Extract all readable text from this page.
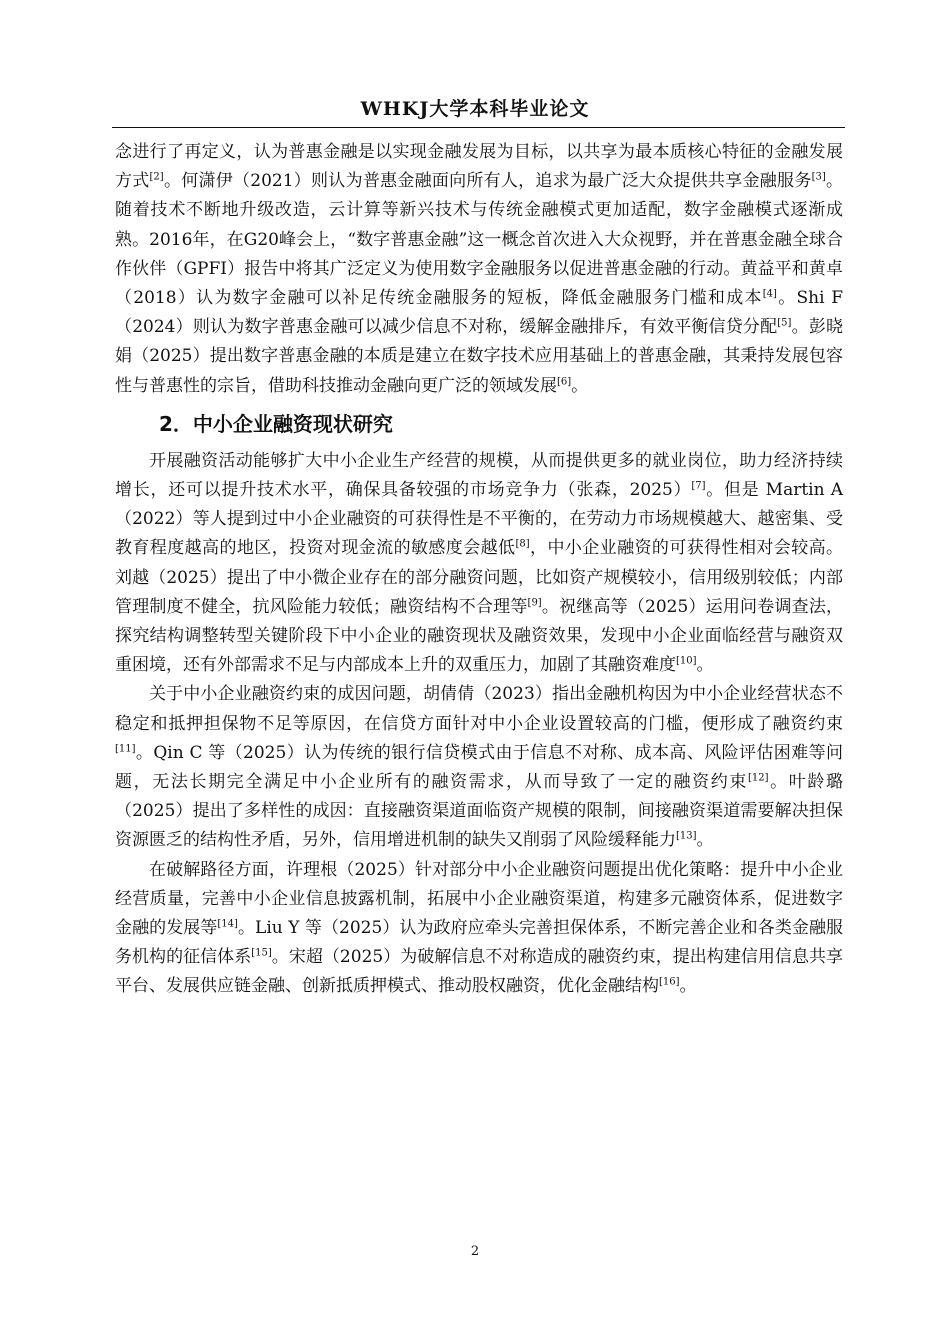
WHKJ大学本科毕业论文

念进行了再定义，认为普惠金融是以实现金融发展为目标，以共享为最本质核心特征的金融发展方式[2]。何潇伊（2021）则认为普惠金融面向所有人，追求为最广泛大众提供共享金融服务[3]。随着技术不断地升级改造，云计算等新兴技术与传统金融模式更加适配，数字金融模式逐渐成熟。2016年，在G20峰会上，“数字普惠金融”这一概念首次进入大众视野，并在普惠金融全球合作伙伴（GPFI）报告中将其广泛定义为使用数字金融服务以促进普惠金融的行动。黄益平和黄卓（2018）认为数字金融可以补足传统金融服务的短板，降低金融服务门槛和成本[4]。Shi F （2024）则认为数字普惠金融可以减少信息不对称，缓解金融排斥，有效平衡信贷分配[5]。彭晓娟（2025）提出数字普惠金融的本质是建立在数字技术应用基础上的普惠金融，其秉持发展包容性与普惠性的宗旨，借助科技推动金融向更广泛的领域发展[6]。

2．中小企业融资现状研究

开展融资活动能够扩大中小企业生产经营的规模，从而提供更多的就业岗位，助力经济持续增长，还可以提升技术水平，确保具备较强的市场竞争力（张森，2025）[7]。但是 Martin A （2022）等人提到过中小企业融资的可获得性是不平衡的，在劳动力市场规模越大、越密集、受教育程度越高的地区，投资对现金流的敏感度会越低[8]，中小企业融资的可获得性相对会较高。刘越（2025）提出了中小微企业存在的部分融资问题，比如资产规模较小，信用级别较低；内部管理制度不健全，抗风险能力较低；融资结构不合理等[9]。祝继高等（2025）运用问卷调查法，探究结构调整转型关键阶段下中小企业的融资现状及融资效果，发现中小企业面临经营与融资双重困境，还有外部需求不足与内部成本上升的双重压力，加剧了其融资难度[10]。

关于中小企业融资约束的成因问题，胡倩倩（2023）指出金融机构因为中小企业经营状态不稳定和抵押担保物不足等原因，在信贷方面针对中小企业设置较高的门槛，便形成了融资约束[11]。Qin C 等（2025）认为传统的银行信贷模式由于信息不对称、成本高、风险评估困难等问题，无法长期完全满足中小企业所有的融资需求，从而导致了一定的融资约束[12]。叶龄璐（2025）提出了多样性的成因：直接融资渠道面临资产规模的限制，间接融资渠道需要解决担保资源匮乏的结构性矛盾，另外，信用增进机制的缺失又削弱了风险缓释能力[13]。

在破解路径方面，许理根（2025）针对部分中小企业融资问题提出优化策略：提升中小企业经营质量，完善中小企业信息披露机制，拓展中小企业融资渠道，构建多元融资体系，促进数字金融的发展等[14]。Liu Y 等（2025）认为政府应牵头完善担保体系，不断完善企业和各类金融服务机构的征信体系[15]。宋超（2025）为破解信息不对称造成的融资约束，提出构建信用信息共享平台、发展供应链金融、创新抵质押模式、推动股权融资，优化金融结构[16]。

2
